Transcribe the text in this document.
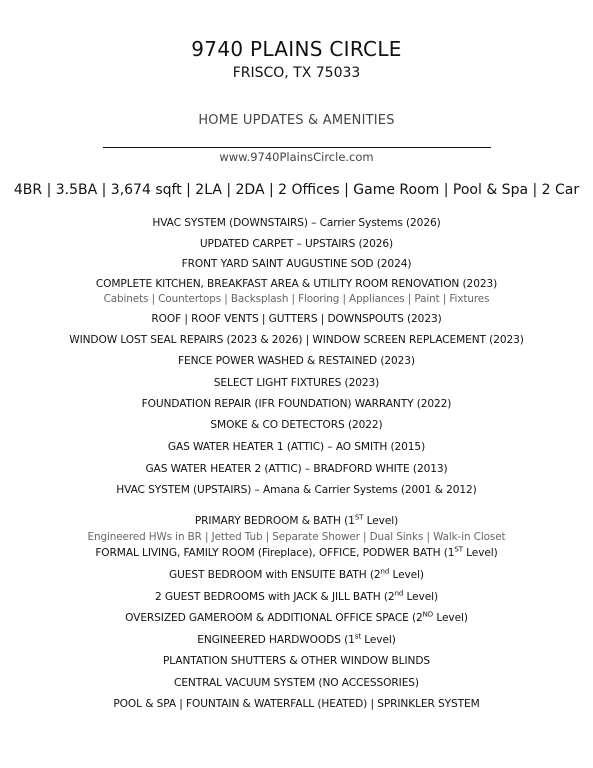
9740 PLAINS CIRCLE
FRISCO, TX 75033
HOME UPDATES & AMENITIES
www.9740PlainsCircle.com
4BR | 3.5BA | 3,674 sqft | 2LA | 2DA | 2 Offices | Game Room | Pool & Spa | 2 Car
HVAC SYSTEM (DOWNSTAIRS) – Carrier Systems (2026)
UPDATED CARPET – UPSTAIRS (2026)
FRONT YARD SAINT AUGUSTINE SOD (2024)
COMPLETE KITCHEN, BREAKFAST AREA & UTILITY ROOM RENOVATION (2023)
Cabinets | Countertops | Backsplash | Flooring | Appliances | Paint | Fixtures
ROOF | ROOF VENTS | GUTTERS | DOWNSPOUTS (2023)
WINDOW LOST SEAL REPAIRS (2023 & 2026) | WINDOW SCREEN REPLACEMENT (2023)
FENCE POWER WASHED & RESTAINED (2023)
SELECT LIGHT FIXTURES (2023)
FOUNDATION REPAIR (IFR FOUNDATION) WARRANTY (2022)
SMOKE & CO DETECTORS (2022)
GAS WATER HEATER 1 (ATTIC) – AO SMITH (2015)
GAS WATER HEATER 2 (ATTIC) – BRADFORD WHITE (2013)
HVAC SYSTEM (UPSTAIRS) – Amana & Carrier Systems (2001 & 2012)
PRIMARY BEDROOM & BATH (1ST Level)
Engineered HWs in BR | Jetted Tub | Separate Shower | Dual Sinks | Walk-in Closet
FORMAL LIVING, FAMILY ROOM (Fireplace), OFFICE, PODWER BATH (1ST Level)
GUEST BEDROOM with ENSUITE BATH (2nd Level)
2 GUEST BEDROOMS with JACK & JILL BATH (2nd Level)
OVERSIZED GAMEROOM & ADDITIONAL OFFICE SPACE (2ND Level)
ENGINEERED HARDWOODS (1st Level)
PLANTATION SHUTTERS & OTHER WINDOW BLINDS
CENTRAL VACUUM SYSTEM (NO ACCESSORIES)
POOL & SPA | FOUNTAIN & WATERFALL (HEATED) | SPRINKLER SYSTEM
